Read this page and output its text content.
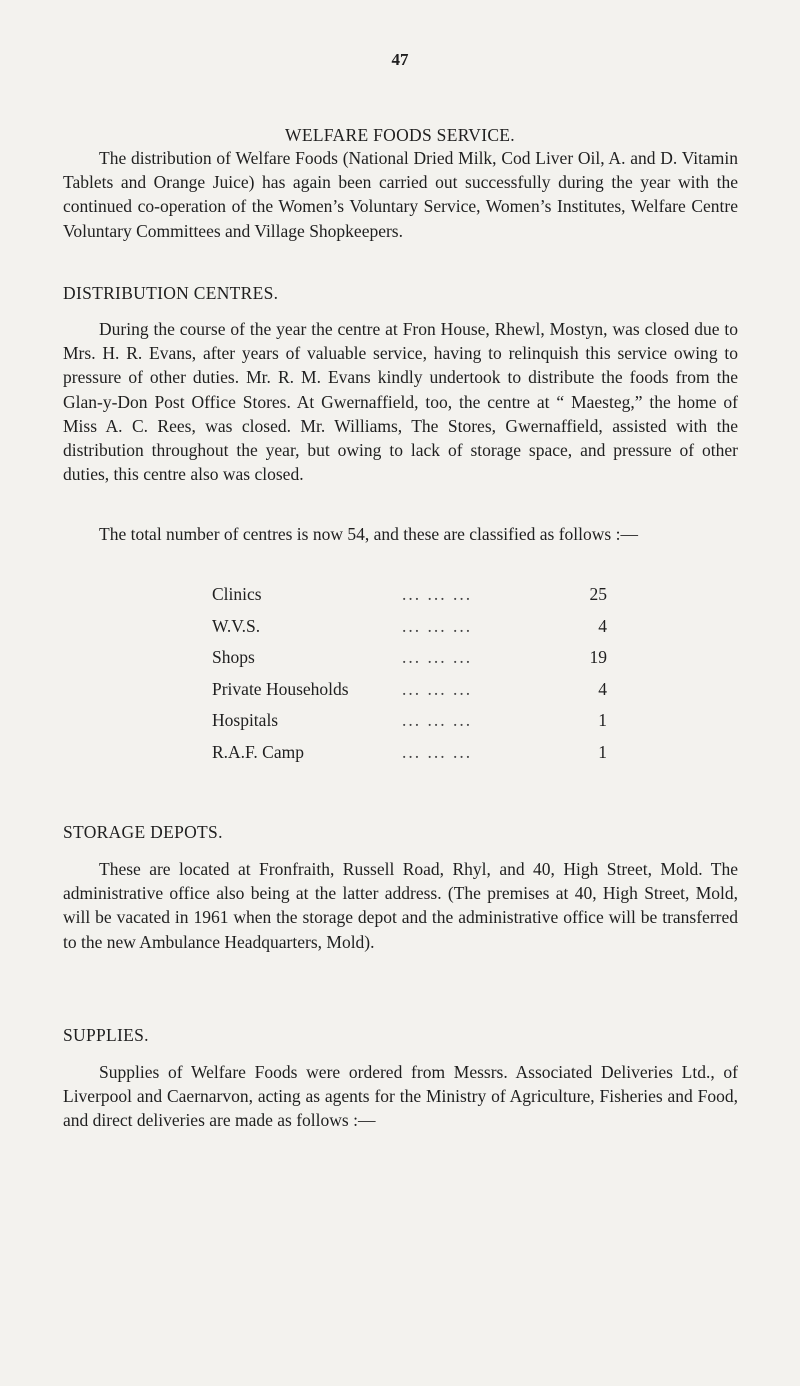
47
WELFARE FOODS SERVICE.

The distribution of Welfare Foods (National Dried Milk, Cod Liver Oil, A. and D. Vitamin Tablets and Orange Juice) has again been carried out successfully during the year with the continued co-operation of the Women’s Voluntary Service, Women’s Institutes, Welfare Centre Voluntary Committees and Village Shopkeepers.

DISTRIBUTION CENTRES.

During the course of the year the centre at Fron House, Rhewl, Mostyn, was closed due to Mrs. H. R. Evans, after years of valuable service, having to relinquish this service owing to pressure of other duties. Mr. R. M. Evans kindly undertook to distribute the foods from the Glan-y-Don Post Office Stores. At Gwernaffield, too, the centre at “ Maesteg,” the home of Miss A. C. Rees, was closed. Mr. Williams, The Stores, Gwernaffield, assisted with the distribution throughout the year, but owing to lack of storage space, and pressure of other duties, this centre also was closed.

The total number of centres is now 54, and these are classified as follows :—

Clinics	... ... ...	25
W.V.S.	... ... ...	4
Shops	... ... ...	19
Private Households	... ... ...	4
Hospitals	... ... ...	1
R.A.F. Camp	... ... ...	1
STORAGE DEPOTS.

These are located at Fronfraith, Russell Road, Rhyl, and 40, High Street, Mold. The administrative office also being at the latter address. (The premises at 40, High Street, Mold, will be vacated in 1961 when the storage depot and the administrative office will be transferred to the new Ambulance Headquarters, Mold).

SUPPLIES.

Supplies of Welfare Foods were ordered from Messrs. Associated Deliveries Ltd., of Liverpool and Caernarvon, acting as agents for the Ministry of Agriculture, Fisheries and Food, and direct deliveries are made as follows :—
